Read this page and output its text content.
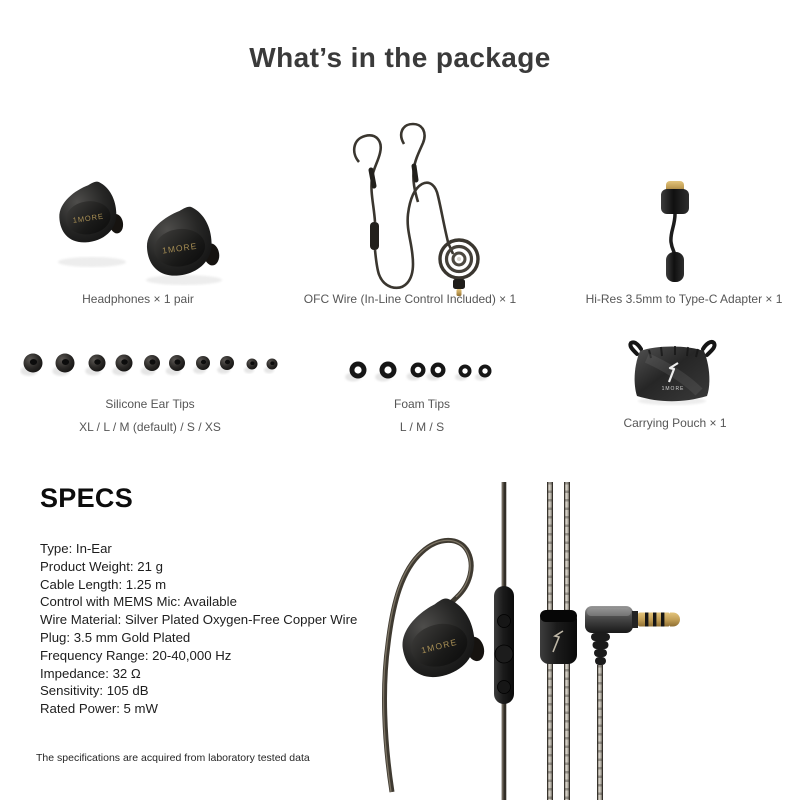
What’s in the package
1MORE
1MORE
Headphones × 1 pair	OFC Wire (In-Line Control Included) × 1	Hi-Res 3.5mm to Type-C Adapter × 1
Silicone Ear Tips
XL / L / M (default) / S / XS
Foam Tips
L / M / S
1MORE
Carrying Pouch × 1
SPECS
Type: In-Ear
Product Weight: 21 g
Cable Length: 1.25 m
Control with MEMS Mic: Available
Wire Material: Silver Plated Oxygen-Free Copper Wire
Plug: 3.5 mm Gold Plated
Frequency Range: 20-40,000 Hz
Impedance: 32 Ω
Sensitivity: 105 dB
Rated Power: 5 mW
1MORE

The specifications are acquired from laboratory tested data
